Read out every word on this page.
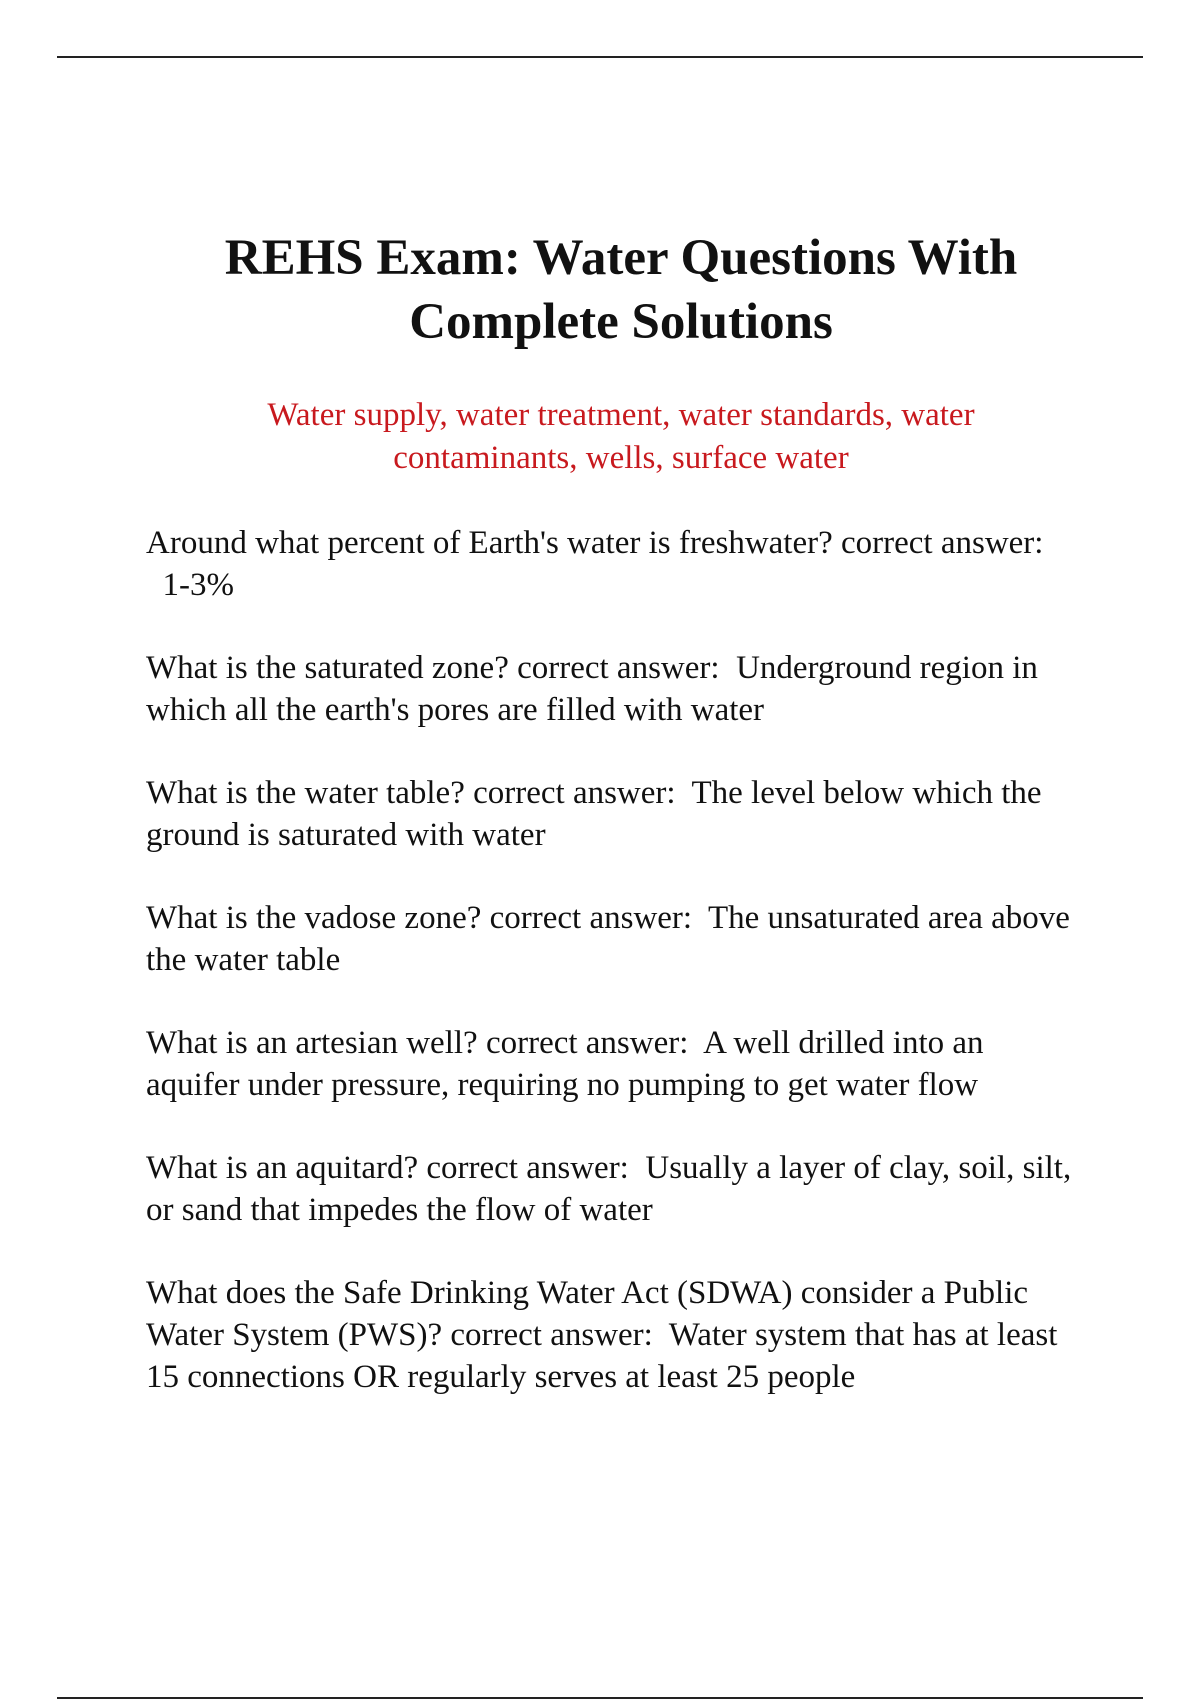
REHS Exam: Water Questions With Complete Solutions

Water supply, water treatment, water standards, water contaminants, wells, surface water

Around what percent of Earth's water is freshwater? correct answer:  1-3%
What is the saturated zone? correct answer: Underground region in which all the earth's pores are filled with water
What is the water table? correct answer: The level below which the ground is saturated with water
What is the vadose zone? correct answer: The unsaturated area above the water table
What is an artesian well? correct answer: A well drilled into an aquifer under pressure, requiring no pumping to get water flow
What is an aquitard? correct answer: Usually a layer of clay, soil, silt, or sand that impedes the flow of water
What does the Safe Drinking Water Act (SDWA) consider a Public Water System (PWS)? correct answer: Water system that has at least 15 connections OR regularly serves at least 25 people
